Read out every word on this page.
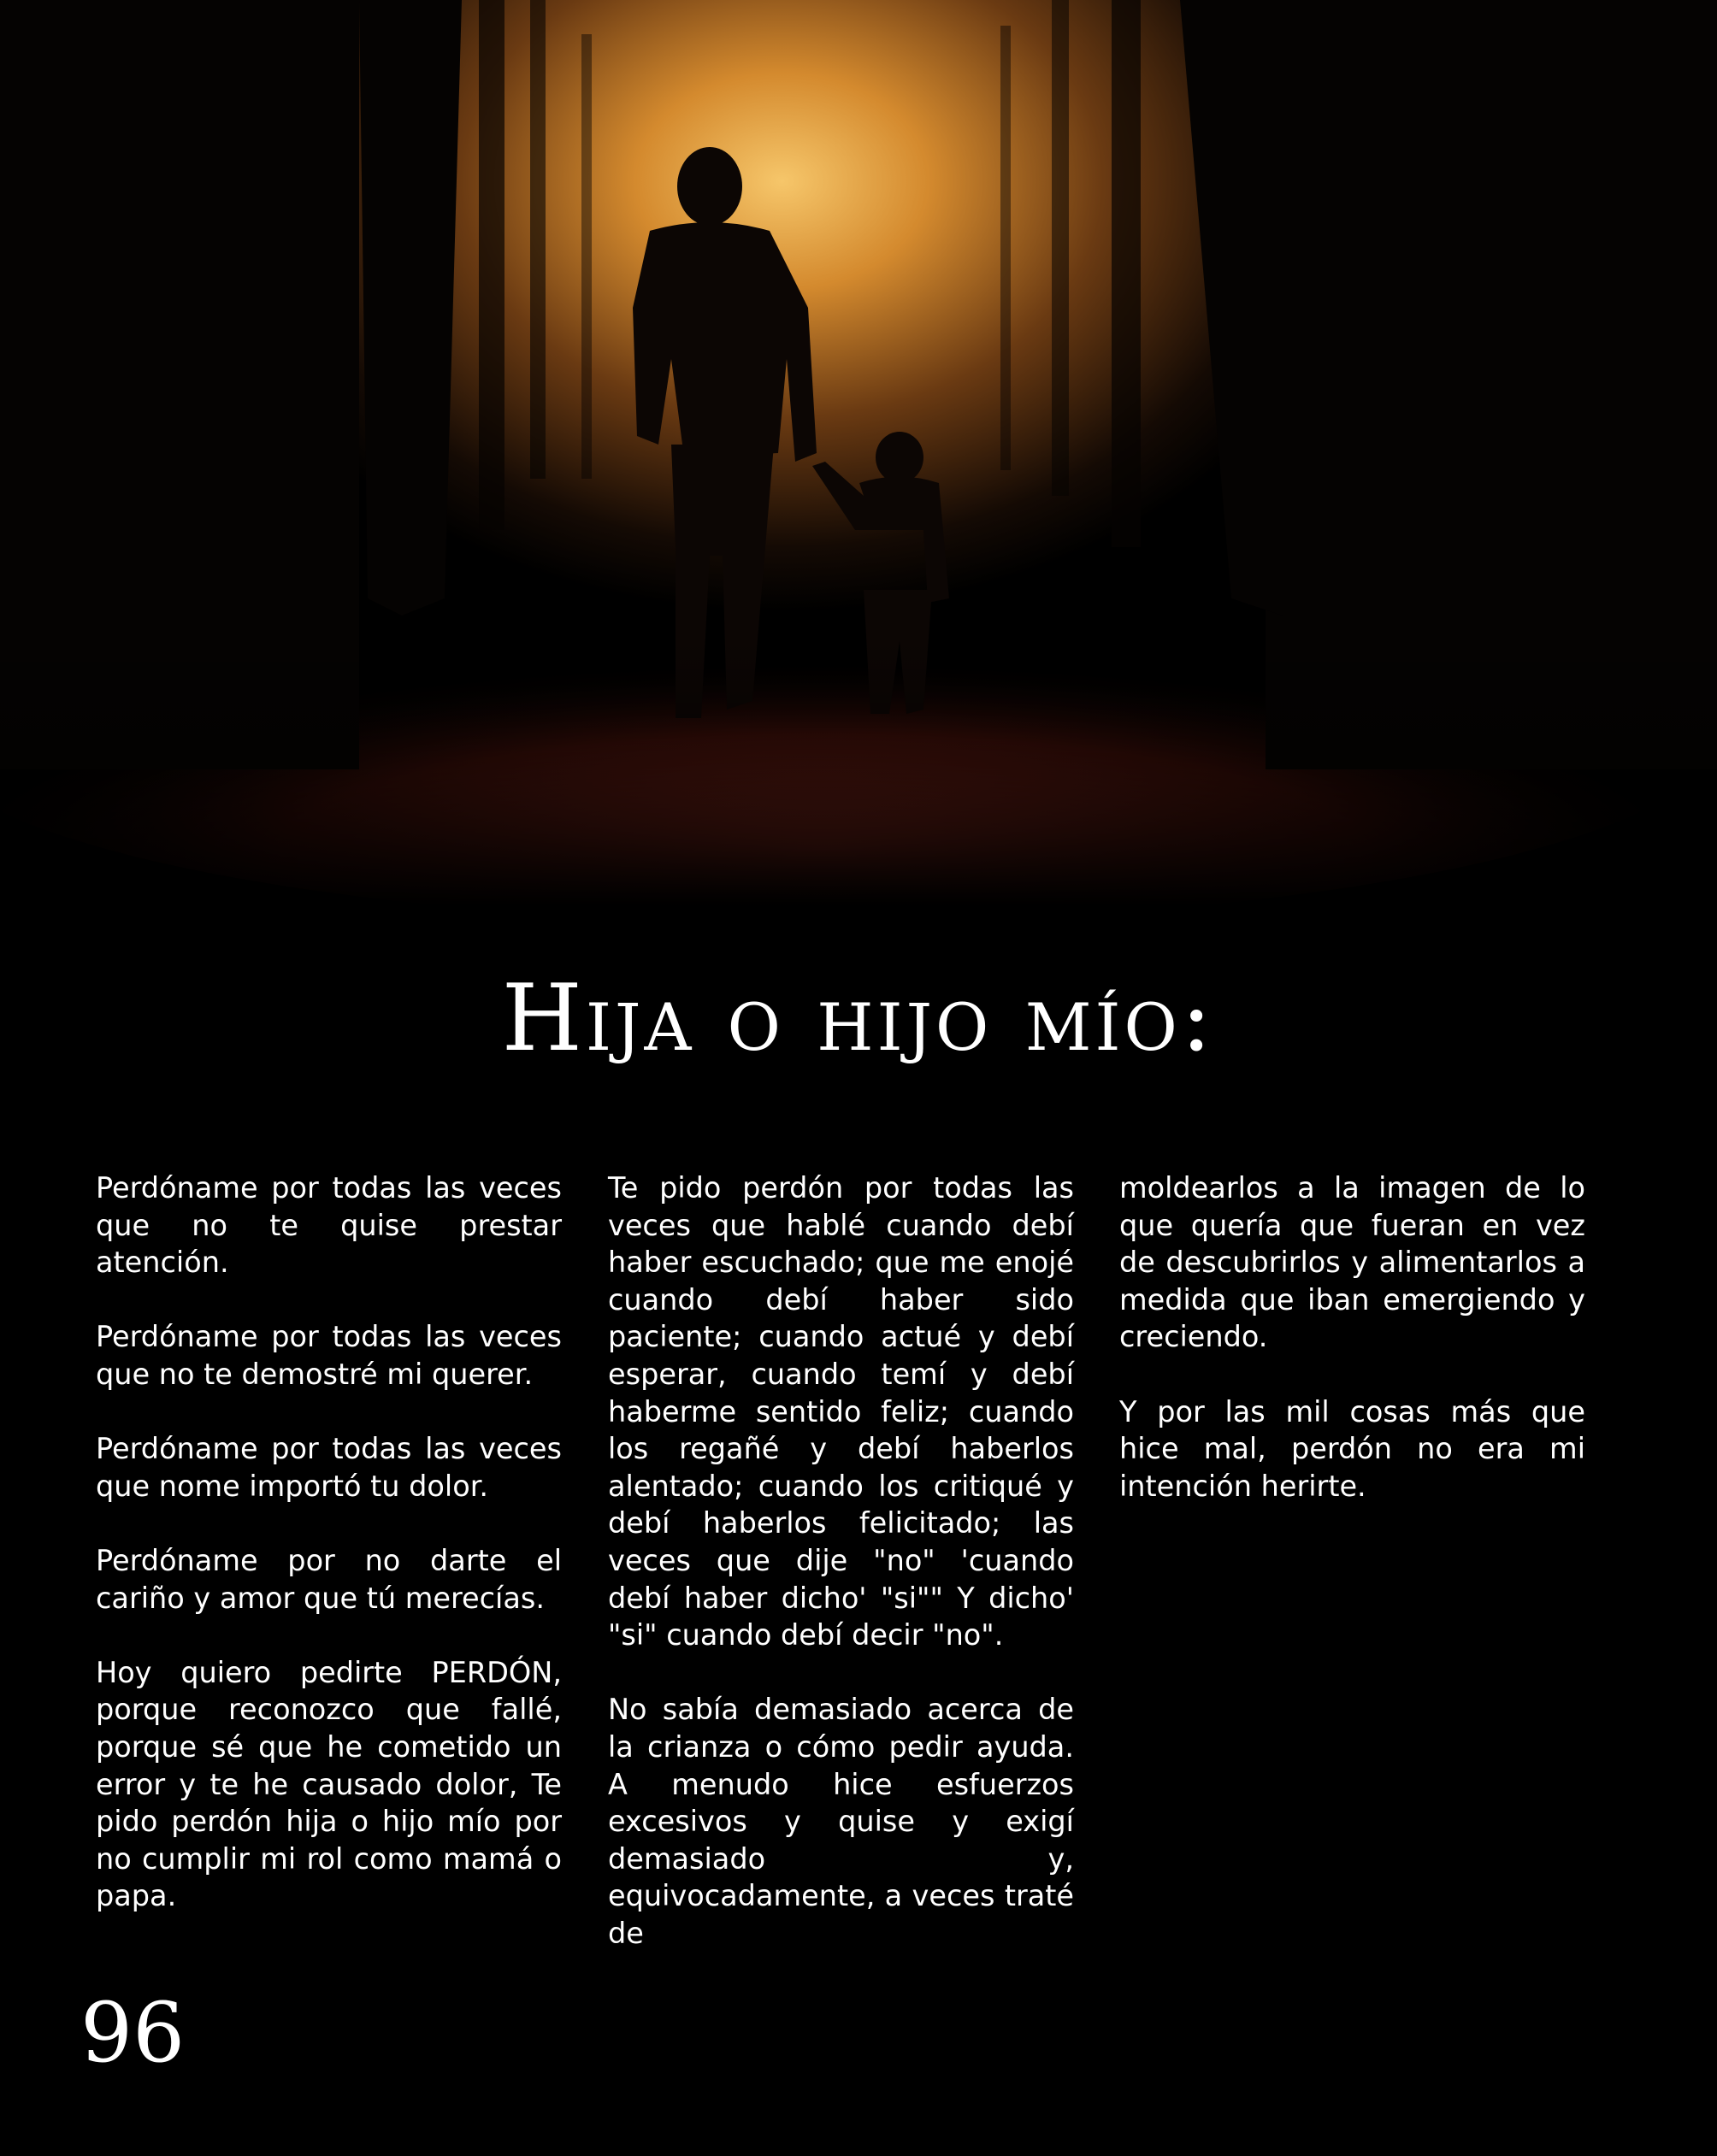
Hija o hijo mío:

Perdóname por todas las veces que no te quise prestar atención.

Perdóname por todas las veces que no te demostré mi querer.

Perdóname por todas las veces que nome importó tu dolor.

Perdóname por no darte el cariño y amor que tú merecías.

Hoy quiero pedirte PERDÓN, porque reconozco que fallé, porque sé que he cometido un error y te he causado dolor, Te pido perdón hija o hijo mío por no cumplir mi rol como mamá o papa.

Te pido perdón por todas las veces que hablé cuando debí haber escuchado; que me enojé cuando debí haber sido paciente; cuando actué y debí esperar, cuando temí y debí haberme sentido feliz; cuando los regañé y debí haberlos alentado; cuando los critiqué y debí haberlos felicitado; las veces que dije "no" 'cuando debí haber dicho' "si"" Y dicho' "si" cuando debí decir "no".

No sabía demasiado acerca de la crianza o cómo pedir ayuda. A menudo hice esfuerzos excesivos y quise y exigí demasiado y, equivocadamente, a veces traté de

moldearlos a la imagen de lo que quería que fueran en vez de descubrirlos y alimentarlos a medida que iban emergiendo y creciendo.

Y por las mil cosas más que hice mal, perdón no era mi intención herirte.

96
